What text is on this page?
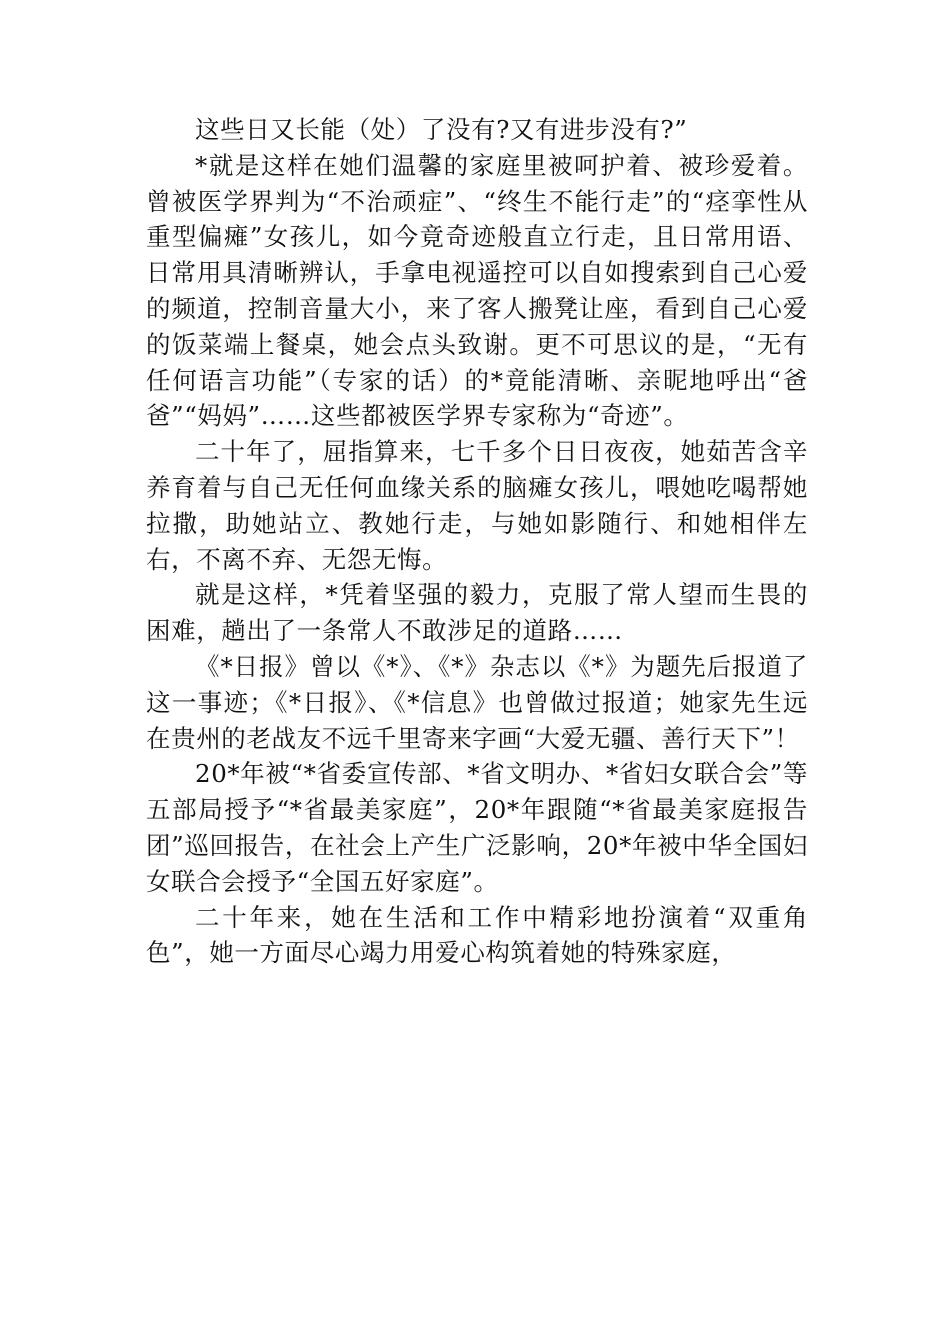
这些日又长能（处）了没有?又有进步没有?”

*就是这样在她们温馨的家庭里被呵护着、被珍爱着。曾被医学界判为“不治顽症”、“终生不能行走”的“痉挛性从重型偏瘫”女孩儿，如今竟奇迹般直立行走，且日常用语、日常用具清晰辨认，手拿电视遥控可以自如搜索到自己心爱的频道，控制音量大小，来了客人搬凳让座，看到自己心爱的饭菜端上餐桌，她会点头致谢。更不可思议的是，“无有任何语言功能”（专家的话）的*竟能清晰、亲昵地呼出“爸爸”“妈妈”……这些都被医学界专家称为“奇迹”。

二十年了，屈指算来，七千多个日日夜夜，她茹苦含辛养育着与自己无任何血缘关系的脑瘫女孩儿，喂她吃喝帮她拉撒，助她站立、教她行走，与她如影随行、和她相伴左右，不离不弃、无怨无悔。

就是这样，*凭着坚强的毅力，克服了常人望而生畏的困难，趟出了一条常人不敢涉足的道路……

《*日报》曾以《*》、《*》杂志以《*》为题先后报道了这一事迹；《*日报》、《*信息》也曾做过报道；她家先生远在贵州的老战友不远千里寄来字画“大爱无疆、善行天下”！

20*年被“*省委宣传部、*省文明办、*省妇女联合会”等五部局授予“*省最美家庭”，20*年跟随“*省最美家庭报告团”巡回报告，在社会上产生广泛影响，20*年被中华全国妇女联合会授予“全国五好家庭”。

二十年来，她在生活和工作中精彩地扮演着“双重角色”，她一方面尽心竭力用爱心构筑着她的特殊家庭，
